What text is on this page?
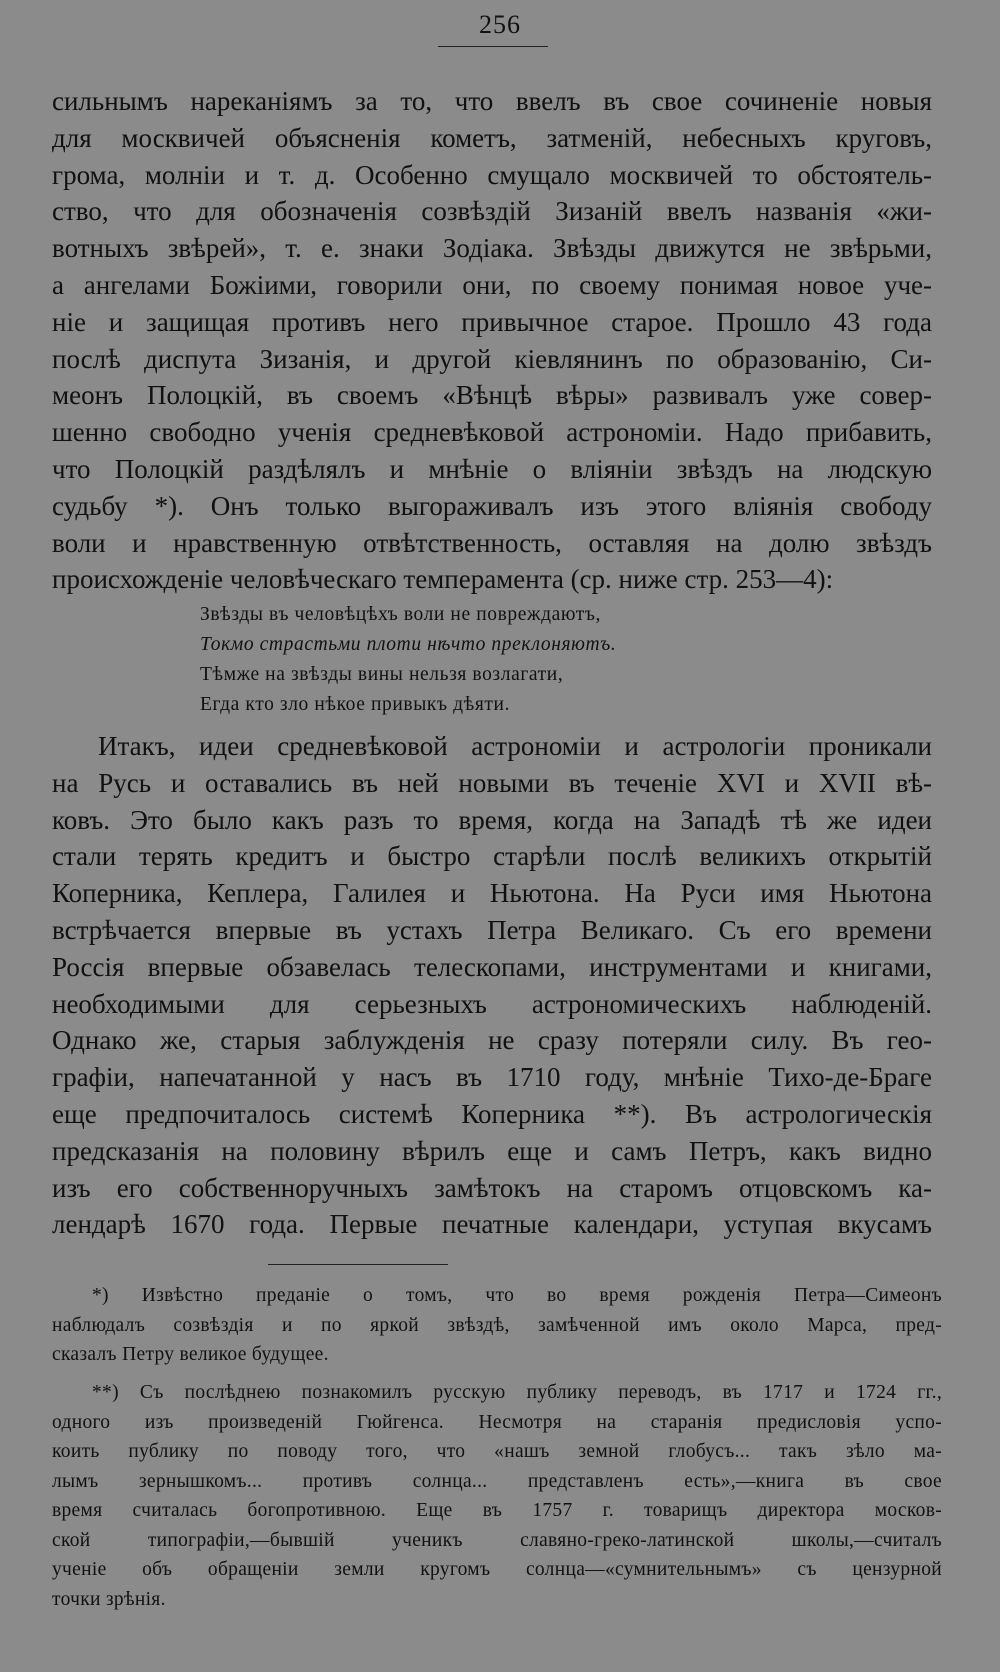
256
сильнымъ нареканіямъ за то, что ввелъ въ свое сочиненіе новыя
для москвичей объясненія кометъ, затменій, небесныхъ круговъ,
грома, молніи и т. д. Особенно смущало москвичей то обстоятель-
ство, что для обозначенія созвѣздій Зизаній ввелъ названія «жи-
вотныхъ звѣрей», т. е. знаки Зодіака. Звѣзды движутся не звѣрьми,
а ангелами Божіими, говорили они, по своему понимая новое уче-
ніе и защищая противъ него привычное старое. Прошло 43 года
послѣ диспута Зизанія, и другой кіевлянинъ по образованію, Си-
меонъ Полоцкій, въ своемъ «Вѣнцѣ вѣры» развивалъ уже совер-
шенно свободно ученія средневѣковой астрономіи. Надо прибавить,
что Полоцкій раздѣлялъ и мнѣніе о вліяніи звѣздъ на людскую
судьбу *). Онъ только выгораживалъ изъ этого вліянія свободу
воли и нравственную отвѣтственность, оставляя на долю звѣздъ
происхожденіе человѣческаго темперамента (ср. ниже стр. 253—4):
Звѣзды въ человѣцѣхъ воли не повреждаютъ,
Токмо страстьми плоти нѣчто преклоняютъ.
Тѣмже на звѣзды вины нельзя возлагати,
Егда кто зло нѣкое привыкъ дѣяти.
Итакъ, идеи средневѣковой астрономіи и астрологіи проникали
на Русь и оставались въ ней новыми въ теченіе XVI и XVII вѣ-
ковъ. Это было какъ разъ то время, когда на Западѣ тѣ же идеи
стали терять кредитъ и быстро старѣли послѣ великихъ открытій
Коперника, Кеплера, Галилея и Ньютона. На Руси имя Ньютона
встрѣчается впервые въ устахъ Петра Великаго. Съ его времени
Россія впервые обзавелась телескопами, инструментами и книгами,
необходимыми для серьезныхъ астрономическихъ наблюденій.
Однако же, старыя заблужденія не сразу потеряли силу. Въ гео-
графіи, напечатанной у насъ въ 1710 году, мнѣніе Тихо-де-Браге
еще предпочиталось системѣ Коперника **). Въ астрологическія
предсказанія на половину вѣрилъ еще и самъ Петръ, какъ видно
изъ его собственноручныхъ замѣтокъ на старомъ отцовскомъ ка-
лендарѣ 1670 года. Первые печатные календари, уступая вкусамъ
*) Извѣстно преданіе о томъ, что во время рожденія Петра—Симеонъ
наблюдалъ созвѣздія и по яркой звѣздѣ, замѣченной имъ около Марса, пред-
сказалъ Петру великое будущее.
**) Съ послѣднею познакомилъ русскую публику переводъ, въ 1717 и 1724 гг.,
одного изъ произведеній Гюйгенса. Несмотря на старанія предисловія успо-
коить публику по поводу того, что «нашъ земной глобусъ... такъ зѣло ма-
лымъ зернышкомъ... противъ солнца... представленъ есть»,—книга въ свое
время считалась богопротивною. Еще въ 1757 г. товарищъ директора москов-
ской типографіи,—бывшій ученикъ славяно-греко-латинской школы,—считалъ
ученіе объ обращеніи земли кругомъ солнца—«сумнительнымъ» съ цензурной
точки зрѣнія.
